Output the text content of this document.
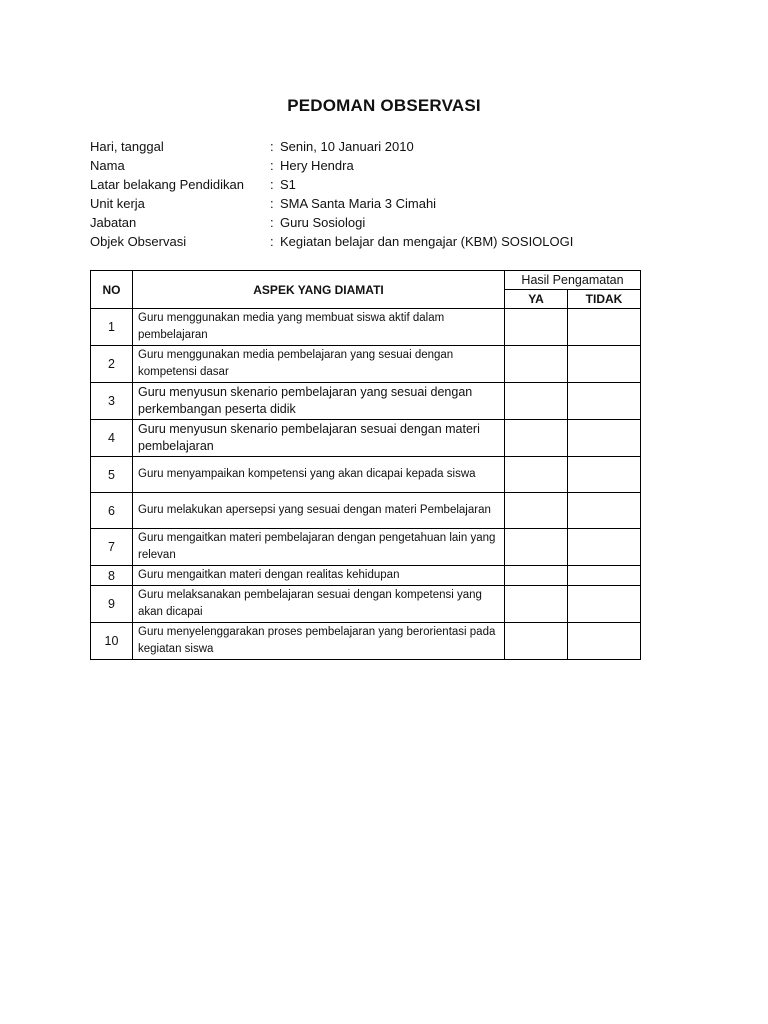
PEDOMAN OBSERVASI
Hari, tanggal	: Senin, 10 Januari 2010
Nama	: Hery Hendra
Latar belakang Pendidikan	: S1
Unit kerja	: SMA Santa Maria 3 Cimahi
Jabatan	: Guru Sosiologi
Objek Observasi	: Kegiatan belajar dan mengajar (KBM) SOSIOLOGI
NO	ASPEK YANG DIAMATI	Hasil Pengamatan	
		YA	TIDAK
1	Guru menggunakan media yang membuat siswa aktif dalam pembelajaran		
2	Guru menggunakan media pembelajaran yang sesuai dengan kompetensi dasar		
3	Guru menyusun skenario pembelajaran yang sesuai dengan perkembangan peserta didik		
4	Guru menyusun skenario pembelajaran sesuai dengan materi pembelajaran		
5	Guru menyampaikan kompetensi yang akan dicapai kepada siswa		
6	Guru melakukan apersepsi yang sesuai dengan materi Pembelajaran		
7	Guru mengaitkan materi pembelajaran dengan pengetahuan lain yang relevan		
8	Guru mengaitkan materi dengan realitas kehidupan		
9	Guru melaksanakan pembelajaran sesuai dengan kompetensi yang akan dicapai		
10	Guru menyelenggarakan proses pembelajaran yang berorientasi pada kegiatan siswa		
